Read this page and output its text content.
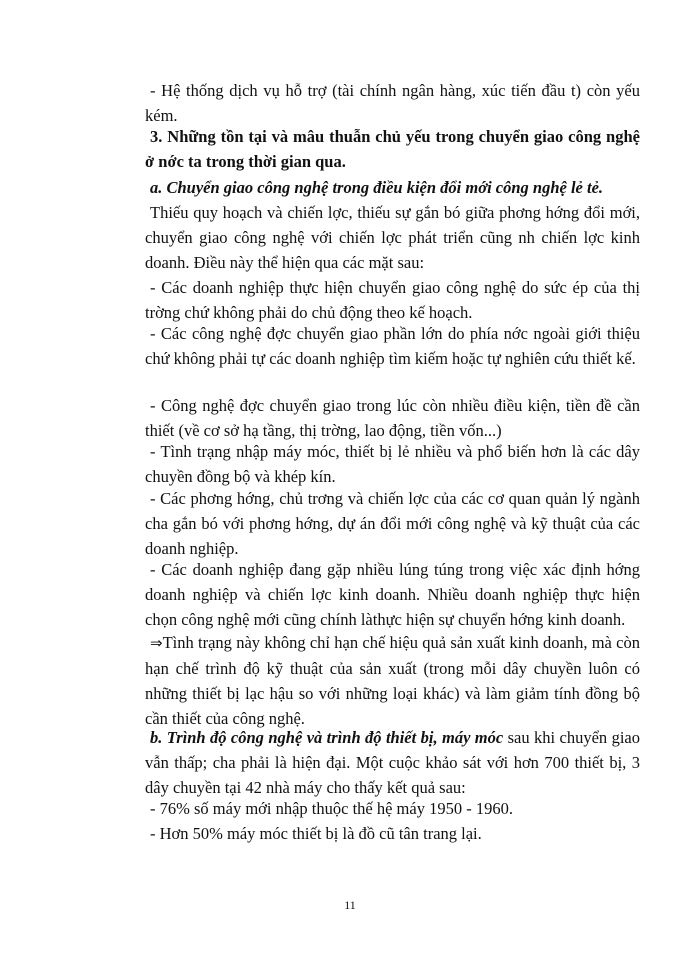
- Hệ thống dịch vụ hỗ trợ (tài chính ngân hàng, xúc tiến đầu t) còn yếu kém.

3. Những tồn tại và mâu thuẫn chủ yếu trong chuyển giao công nghệ ở nớc ta trong thời gian qua.

a. Chuyển giao công nghệ trong điều kiện đổi mới công nghệ lẻ tẻ.

Thiếu quy hoạch và chiến lợc, thiếu sự gắn bó giữa phơng hớng đổi mới, chuyển giao công nghệ với chiến lợc phát triển cũng nh chiến lợc kinh doanh. Điều này thể hiện qua các mặt sau:

- Các doanh nghiệp thực hiện chuyển giao công nghệ do sức ép của thị trờng chứ không phải do chủ động theo kế hoạch.

- Các công nghệ đợc chuyển giao phần lớn do phía nớc ngoài giới thiệu chứ không phải tự các doanh nghiệp tìm kiếm hoặc tự nghiên cứu thiết kế.

- Công nghệ đợc chuyển giao trong lúc còn nhiều điều kiện, tiền đề cần thiết (về cơ sở hạ tầng, thị trờng, lao động, tiền vốn...)

- Tình trạng nhập máy móc, thiết bị lẻ nhiều và phổ biến hơn là các dây chuyền đồng bộ và khép kín.

- Các phơng hớng, chủ trơng và chiến lợc của các cơ quan quản lý ngành cha gắn bó với phơng hớng, dự án đổi mới công nghệ và kỹ thuật của các doanh nghiệp.

- Các doanh nghiệp đang gặp nhiều lúng túng trong việc xác định hớng doanh nghiệp và chiến lợc kinh doanh. Nhiều doanh nghiệp thực hiện chọn công nghệ mới cũng chính làthực hiện sự chuyển hớng kinh doanh.

⇒Tình trạng này không chỉ hạn chế hiệu quả sản xuất kinh doanh, mà còn hạn chế trình độ kỹ thuật của sản xuất (trong mỗi dây chuyền luôn có những thiết bị lạc hậu so với những loại khác) và làm giảm tính đồng bộ cần thiết của công nghệ.

b. Trình độ công nghệ và trình độ thiết bị, máy móc sau khi chuyển giao vẫn thấp; cha phải là hiện đại. Một cuộc khảo sát với hơn 700 thiết bị, 3 dây chuyền tại 42 nhà máy cho thấy kết quả sau:

- 76% số máy mới nhập thuộc thế hệ máy 1950 - 1960.

- Hơn 50% máy móc thiết bị là đồ cũ tân trang lại.

11
